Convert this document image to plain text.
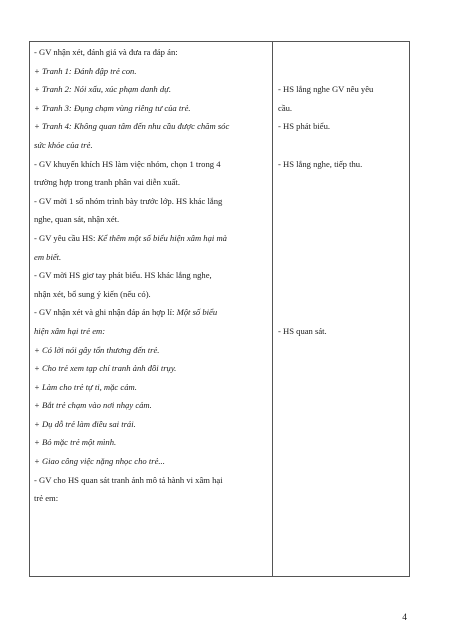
- GV nhận xét, đánh giá và đưa ra đáp án:
+ Tranh 1: Đánh đập trẻ con.
+ Tranh 2: Nói xấu, xúc phạm danh dự.
+ Tranh 3: Đụng chạm vùng riêng tư của trẻ.
+ Tranh 4: Không quan tâm đến nhu cầu được chăm sóc
sức khỏe của trẻ.
- GV khuyến khích HS làm việc nhóm, chọn 1 trong 4
trường hợp trong tranh phân vai diễn xuất.
- GV mời 1 số nhóm trình bày trước lớp. HS khác lắng
nghe, quan sát, nhận xét.
- GV yêu cầu HS: Kể thêm một số biểu hiện xâm hại mà
em biết.
- GV mời HS giơ tay phát biểu. HS khác lắng nghe,
nhận xét, bổ sung ý kiến (nếu có).
- GV nhận xét và ghi nhận đáp án hợp lí: Một số biểu
hiện xâm hại trẻ em:
+ Có lời nói gây tổn thương đến trẻ.
+ Cho trẻ xem tạp chí tranh ảnh đồi trụy.
+ Làm cho trẻ tự ti, mặc cảm.
+ Bắt trẻ chạm vào nơi nhạy cảm.
+ Dụ dỗ trẻ làm điều sai trái.
+ Bỏ mặc trẻ một mình.
+ Giao công việc nặng nhọc cho trẻ...
- GV cho HS quan sát tranh ảnh mô tả hành vi xâm hại
trẻ em:

- HS lắng nghe GV nêu yêu
cầu.
- HS phát biểu.

- HS lắng nghe, tiếp thu.

- HS quan sát.
4
